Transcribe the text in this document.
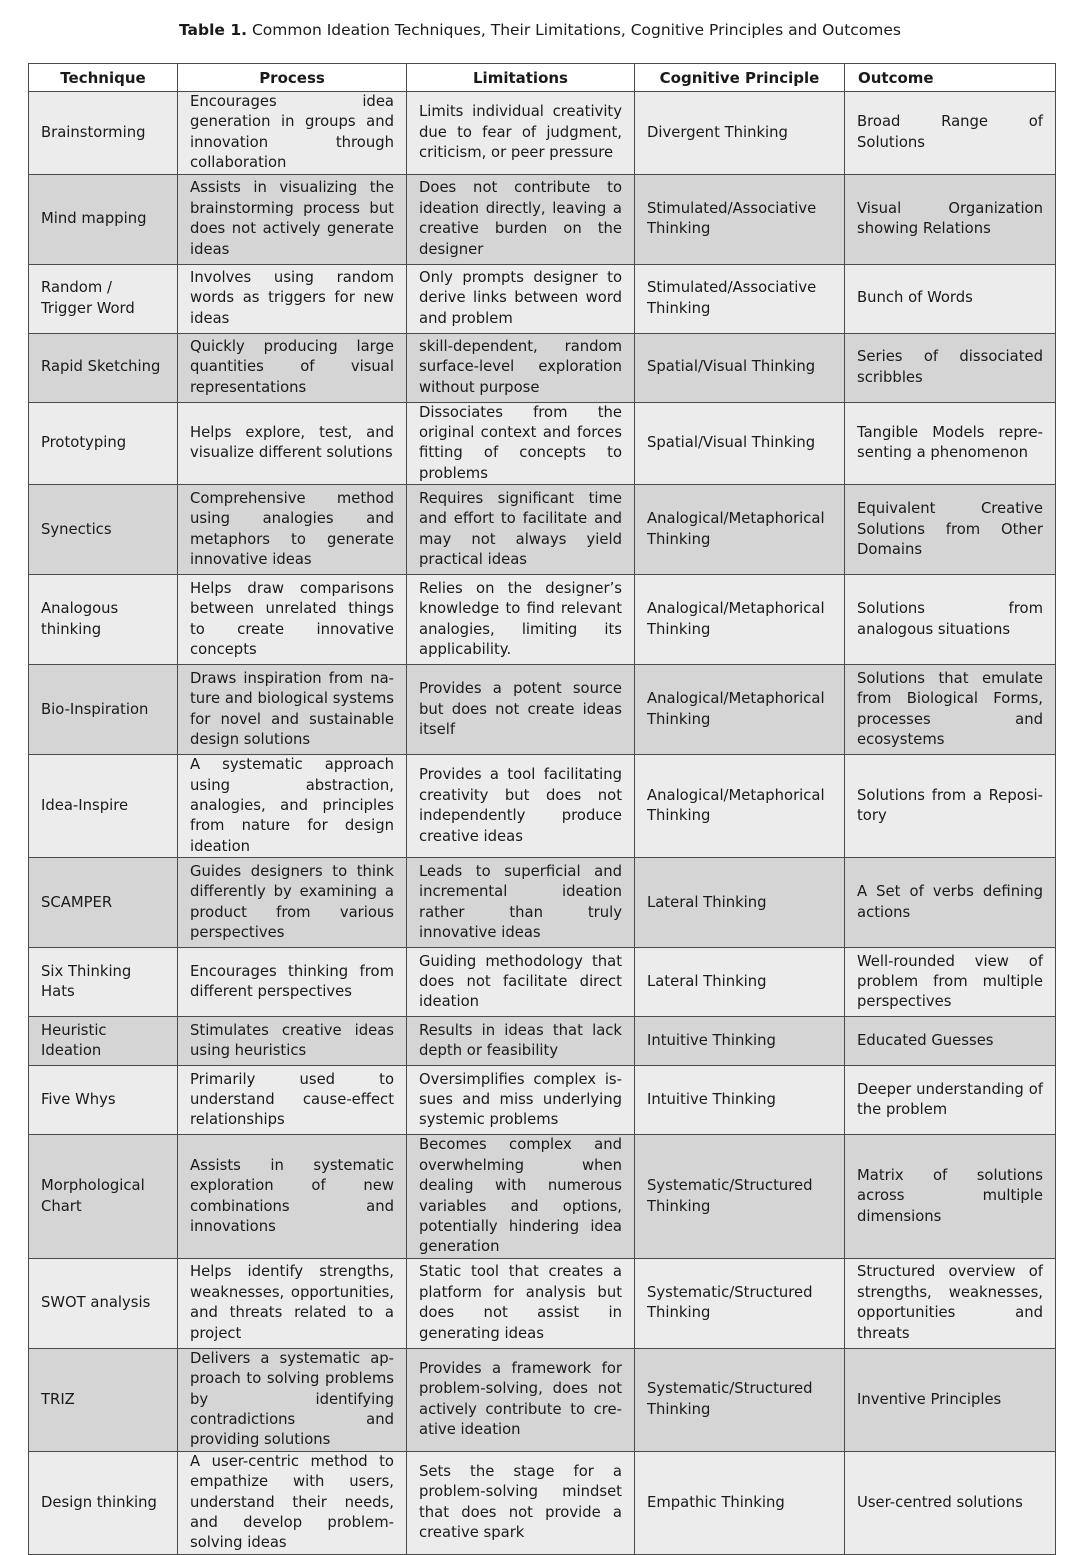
Table 1. Common Ideation Techniques, Their Limitations, Cognitive Principles and Outcomes
Technique	Process	Limitations	Cognitive Principle	Outcome
Brainstorming	Encourages idea generation in groups and innovation through collaboration	Limits individual creativity due to fear of judgment, criticism, or peer pressure	Divergent Thinking	Broad Range of Solutions
Mind mapping	Assists in visualizing the brainstorming process but does not actively generate ideas	Does not contribute to ideation directly, leaving a creative burden on the designer	Stimulated/Associative Thinking	Visual Organization showing Relations
Random / Trigger Word	Involves using random words as triggers for new ideas	Only prompts designer to derive links between word and problem	Stimulated/Associative Thinking	Bunch of Words
Rapid Sketching	Quickly producing large quantities of visual representations	skill-dependent, random surface-level exploration without purpose	Spatial/Visual Thinking	Series of dissociated scribbles
Prototyping	Helps explore, test, and visualize different solutions	Dissociates from the original context and forces fitting of concepts to problems	Spatial/Visual Thinking	Tangible Models representing a phenomenon
Synectics	Comprehensive method using analogies and metaphors to generate innovative ideas	Requires significant time and effort to facilitate and may not always yield practical ideas	Analogical/Metaphorical Thinking	Equivalent Creative Solutions from Other Domains
Analogous thinking	Helps draw comparisons between unrelated things to create innovative concepts	Relies on the designer’s knowledge to find relevant analogies, limiting its applicability.	Analogical/Metaphorical Thinking	Solutions from analogous situations
Bio-Inspiration	Draws inspiration from nature and biological systems for novel and sustainable design solutions	Provides a potent source but does not create ideas itself	Analogical/Metaphorical Thinking	Solutions that emulate from Biological Forms, processes and ecosystems
Idea-Inspire	A systematic approach using abstraction, analogies, and principles from nature for design ideation	Provides a tool facilitating creativity but does not independently produce creative ideas	Analogical/Metaphorical Thinking	Solutions from a Repository
SCAMPER	Guides designers to think differently by examining a product from various perspectives	Leads to superficial and incremental ideation rather than truly innovative ideas	Lateral Thinking	A Set of verbs defining actions
Six Thinking Hats	Encourages thinking from different perspectives	Guiding methodology that does not facilitate direct ideation	Lateral Thinking	Well-rounded view of problem from multiple perspectives
Heuristic Ideation	Stimulates creative ideas using heuristics	Results in ideas that lack depth or feasibility	Intuitive Thinking	Educated Guesses
Five Whys	Primarily used to understand cause-effect relationships	Oversimplifies complex issues and miss underlying systemic problems	Intuitive Thinking	Deeper understanding of the problem
Morphological Chart	Assists in systematic exploration of new combinations and innovations	Becomes complex and overwhelming when dealing with numerous variables and options, potentially hindering idea generation	Systematic/Structured Thinking	Matrix of solutions across multiple dimensions
SWOT analysis	Helps identify strengths, weaknesses, opportunities, and threats related to a project	Static tool that creates a platform for analysis but does not assist in generating ideas	Systematic/Structured Thinking	Structured overview of strengths, weaknesses, opportunities and threats
TRIZ	Delivers a systematic approach to solving problems by identifying contradictions and providing solutions	Provides a framework for problem-solving, does not actively contribute to creative ideation	Systematic/Structured Thinking	Inventive Principles
Design thinking	A user-centric method to empathize with users, understand their needs, and develop problem-solving ideas	Sets the stage for a problem-solving mindset that does not provide a creative spark	Empathic Thinking	User-centred solutions
